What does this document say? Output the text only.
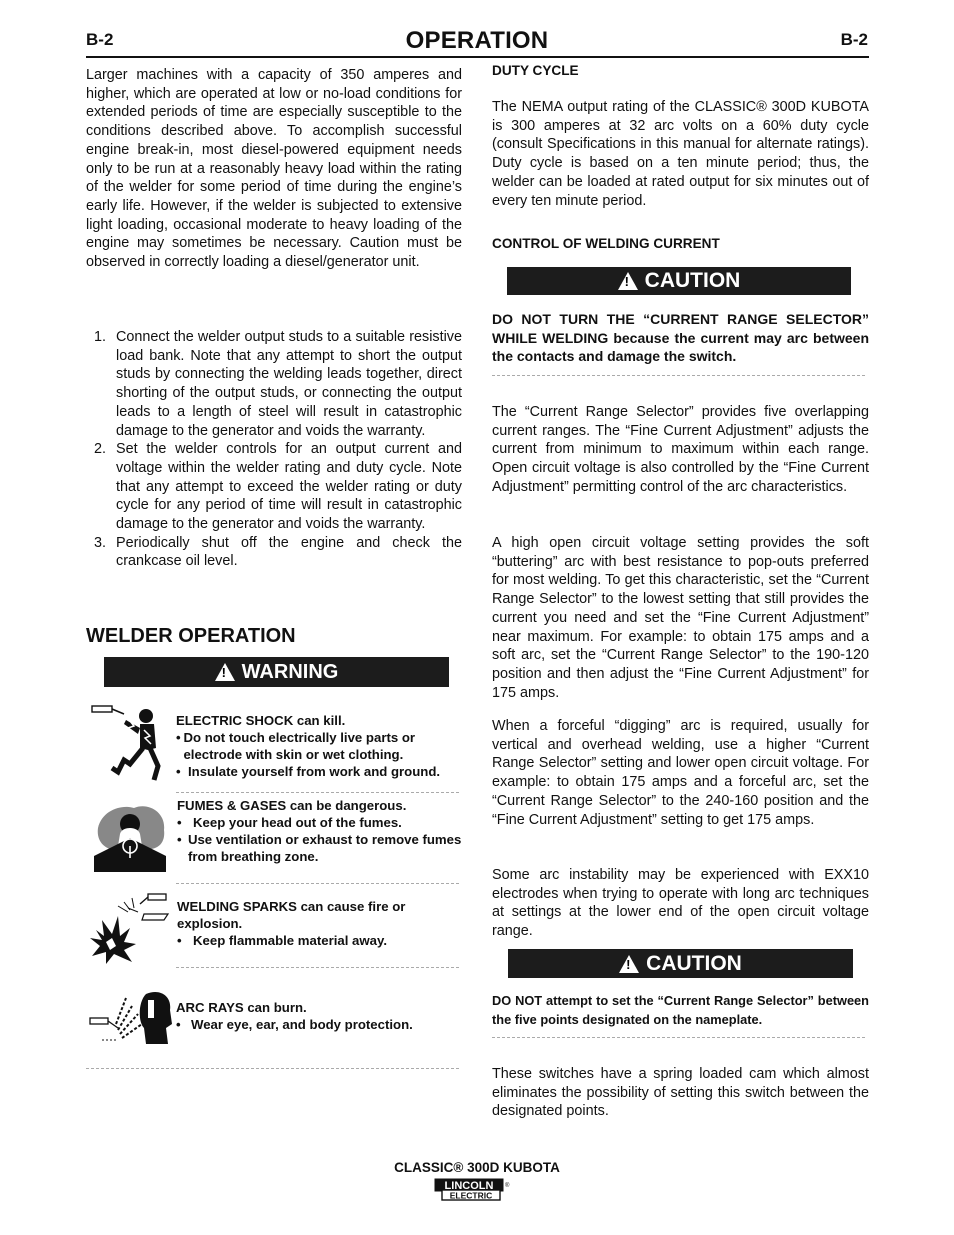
B-2	OPERATION	B-2
Larger machines with a capacity of 350 amperes and higher, which are operated at low or no-load conditions for extended periods of time are especially susceptible to the conditions described above. To accomplish successful engine break-in, most diesel-powered equipment needs only to be run at a reasonably heavy load within the rating of the welder for some period of time during the engine’s early life. However, if the welder is subjected to extensive light loading, occasional moderate to heavy loading of the engine may sometimes be necessary. Caution must be observed in correctly loading a diesel/generator unit.
1. Connect the welder output studs to a suitable resistive load bank. Note that any attempt to short the output studs by connecting the welding leads together, direct shorting of the output studs, or connecting the output leads to a length of steel will result in catastrophic damage to the generator and voids the warranty.
2. Set the welder controls for an output current and voltage within the welder rating and duty cycle. Note that any attempt to exceed the welder rating or duty cycle for any period of time will result in catastrophic damage to the generator and voids the warranty.
3. Periodically shut off the engine and check the crankcase oil level.
WELDER OPERATION
! WARNING
ELECTRIC SHOCK can kill.
• Do not touch electrically live parts or electrode with skin or wet clothing.
• Insulate yourself from work and ground.
FUMES & GASES can be dangerous.
• Keep your head out of the fumes.
• Use ventilation or exhaust to remove fumes from breathing zone.
WELDING SPARKS can cause fire or explosion.
• Keep flammable material away.
ARC RAYS can burn.
• Wear eye, ear, and body protection.
DUTY CYCLE
The NEMA output rating of the CLASSIC® 300D KUBOTA is 300 amperes at 32 arc volts on a 60% duty cycle (consult Specifications in this manual for alternate ratings). Duty cycle is based on a ten minute period; thus, the welder can be loaded at rated output for six minutes out of every ten minute period.
CONTROL OF WELDING CURRENT
! CAUTION
DO NOT TURN THE “CURRENT RANGE SELECTOR” WHILE WELDING because the current may arc between the contacts and damage the switch.
The “Current Range Selector” provides five overlapping current ranges. The “Fine Current Adjustment” adjusts the current from minimum to maximum within each range. Open circuit voltage is also controlled by the “Fine Current Adjustment” permitting control of the arc characteristics.
A high open circuit voltage setting provides the soft “buttering” arc with best resistance to pop-outs preferred for most welding. To get this characteristic, set the “Current Range Selector” to the lowest setting that still provides the current you need and set the “Fine Current Adjustment” near maximum. For example: to obtain 175 amps and a soft arc, set the “Current Range Selector” to the 190-120 position and then adjust the “Fine Current Adjustment” for 175 amps.
When a forceful “digging” arc is required, usually for vertical and overhead welding, use a higher “Current Range Selector” setting and lower open circuit voltage. For example: to obtain 175 amps and a forceful arc, set the “Current Range Selector” to the 240-160 position and the “Fine Current Adjustment” setting to get 175 amps.
Some arc instability may be experienced with EXX10 electrodes when trying to operate with long arc techniques at settings at the lower end of the open circuit voltage range.
! CAUTION
DO NOT attempt to set the “Current Range Selector” between the five points designated on the nameplate.
These switches have a spring loaded cam which almost eliminates the possibility of setting this switch between the designated points.
CLASSIC® 300D KUBOTA
LINCOLN
ELECTRIC
®
